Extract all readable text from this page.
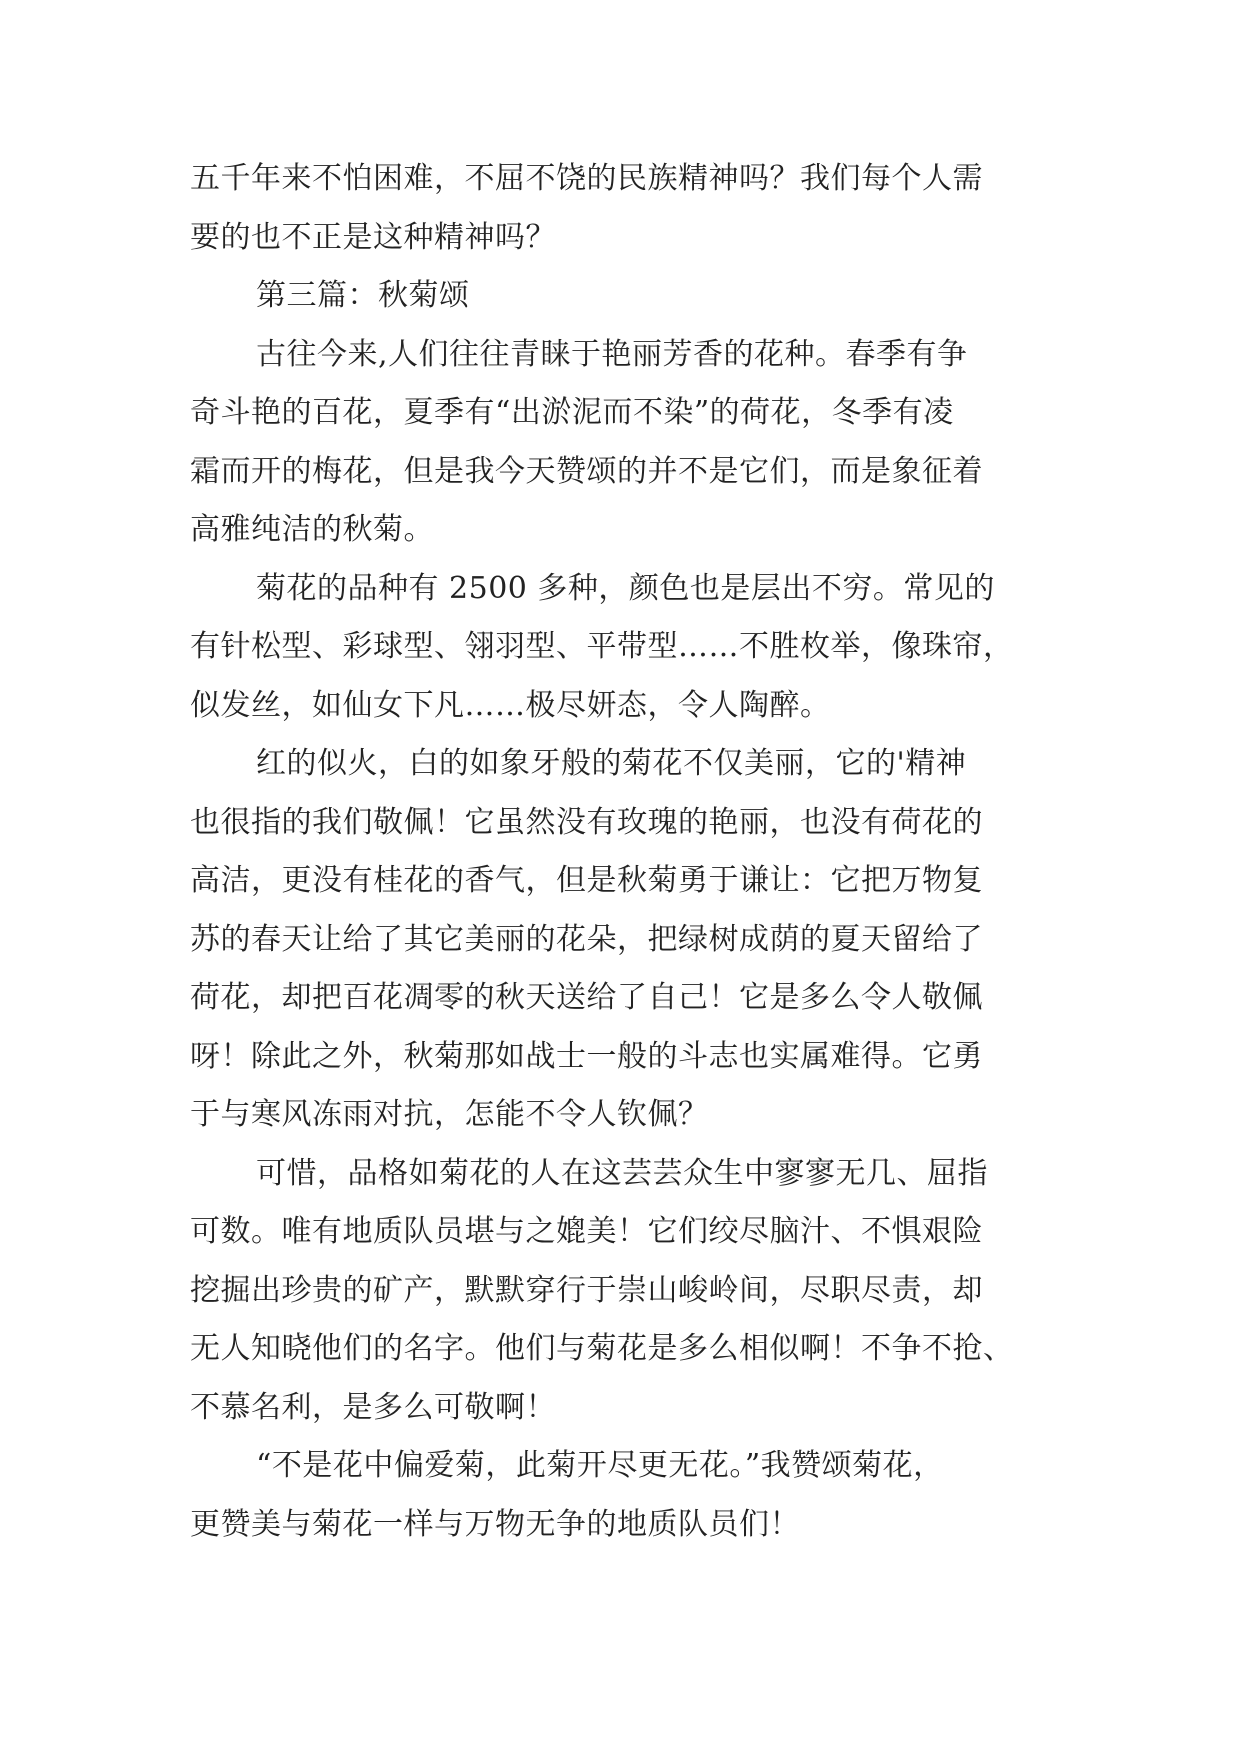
五千年来不怕困难，不屈不饶的民族精神吗？我们每个人需
要的也不正是这种精神吗？
第三篇：秋菊颂
古往今来,人们往往青睐于艳丽芳香的花种。春季有争
奇斗艳的百花，夏季有“出淤泥而不染”的荷花，冬季有凌
霜而开的梅花，但是我今天赞颂的并不是它们，而是象征着
高雅纯洁的秋菊。
菊花的品种有 2500 多种，颜色也是层出不穷。常见的
有针松型、彩球型、翎羽型、平带型……不胜枚举，像珠帘，
似发丝，如仙女下凡……极尽妍态，令人陶醉。
红的似火，白的如象牙般的菊花不仅美丽，它的'精神
也很指的我们敬佩！它虽然没有玫瑰的艳丽，也没有荷花的
高洁，更没有桂花的香气，但是秋菊勇于谦让：它把万物复
苏的春天让给了其它美丽的花朵，把绿树成荫的夏天留给了
荷花，却把百花凋零的秋天送给了自己！它是多么令人敬佩
呀！除此之外，秋菊那如战士一般的斗志也实属难得。它勇
于与寒风冻雨对抗，怎能不令人钦佩？
可惜，品格如菊花的人在这芸芸众生中寥寥无几、屈指
可数。唯有地质队员堪与之媲美！它们绞尽脑汁、不惧艰险
挖掘出珍贵的矿产，默默穿行于崇山峻岭间，尽职尽责，却
无人知晓他们的名字。他们与菊花是多么相似啊！不争不抢、
不慕名利，是多么可敬啊！
“不是花中偏爱菊，此菊开尽更无花。”我赞颂菊花，
更赞美与菊花一样与万物无争的地质队员们！
